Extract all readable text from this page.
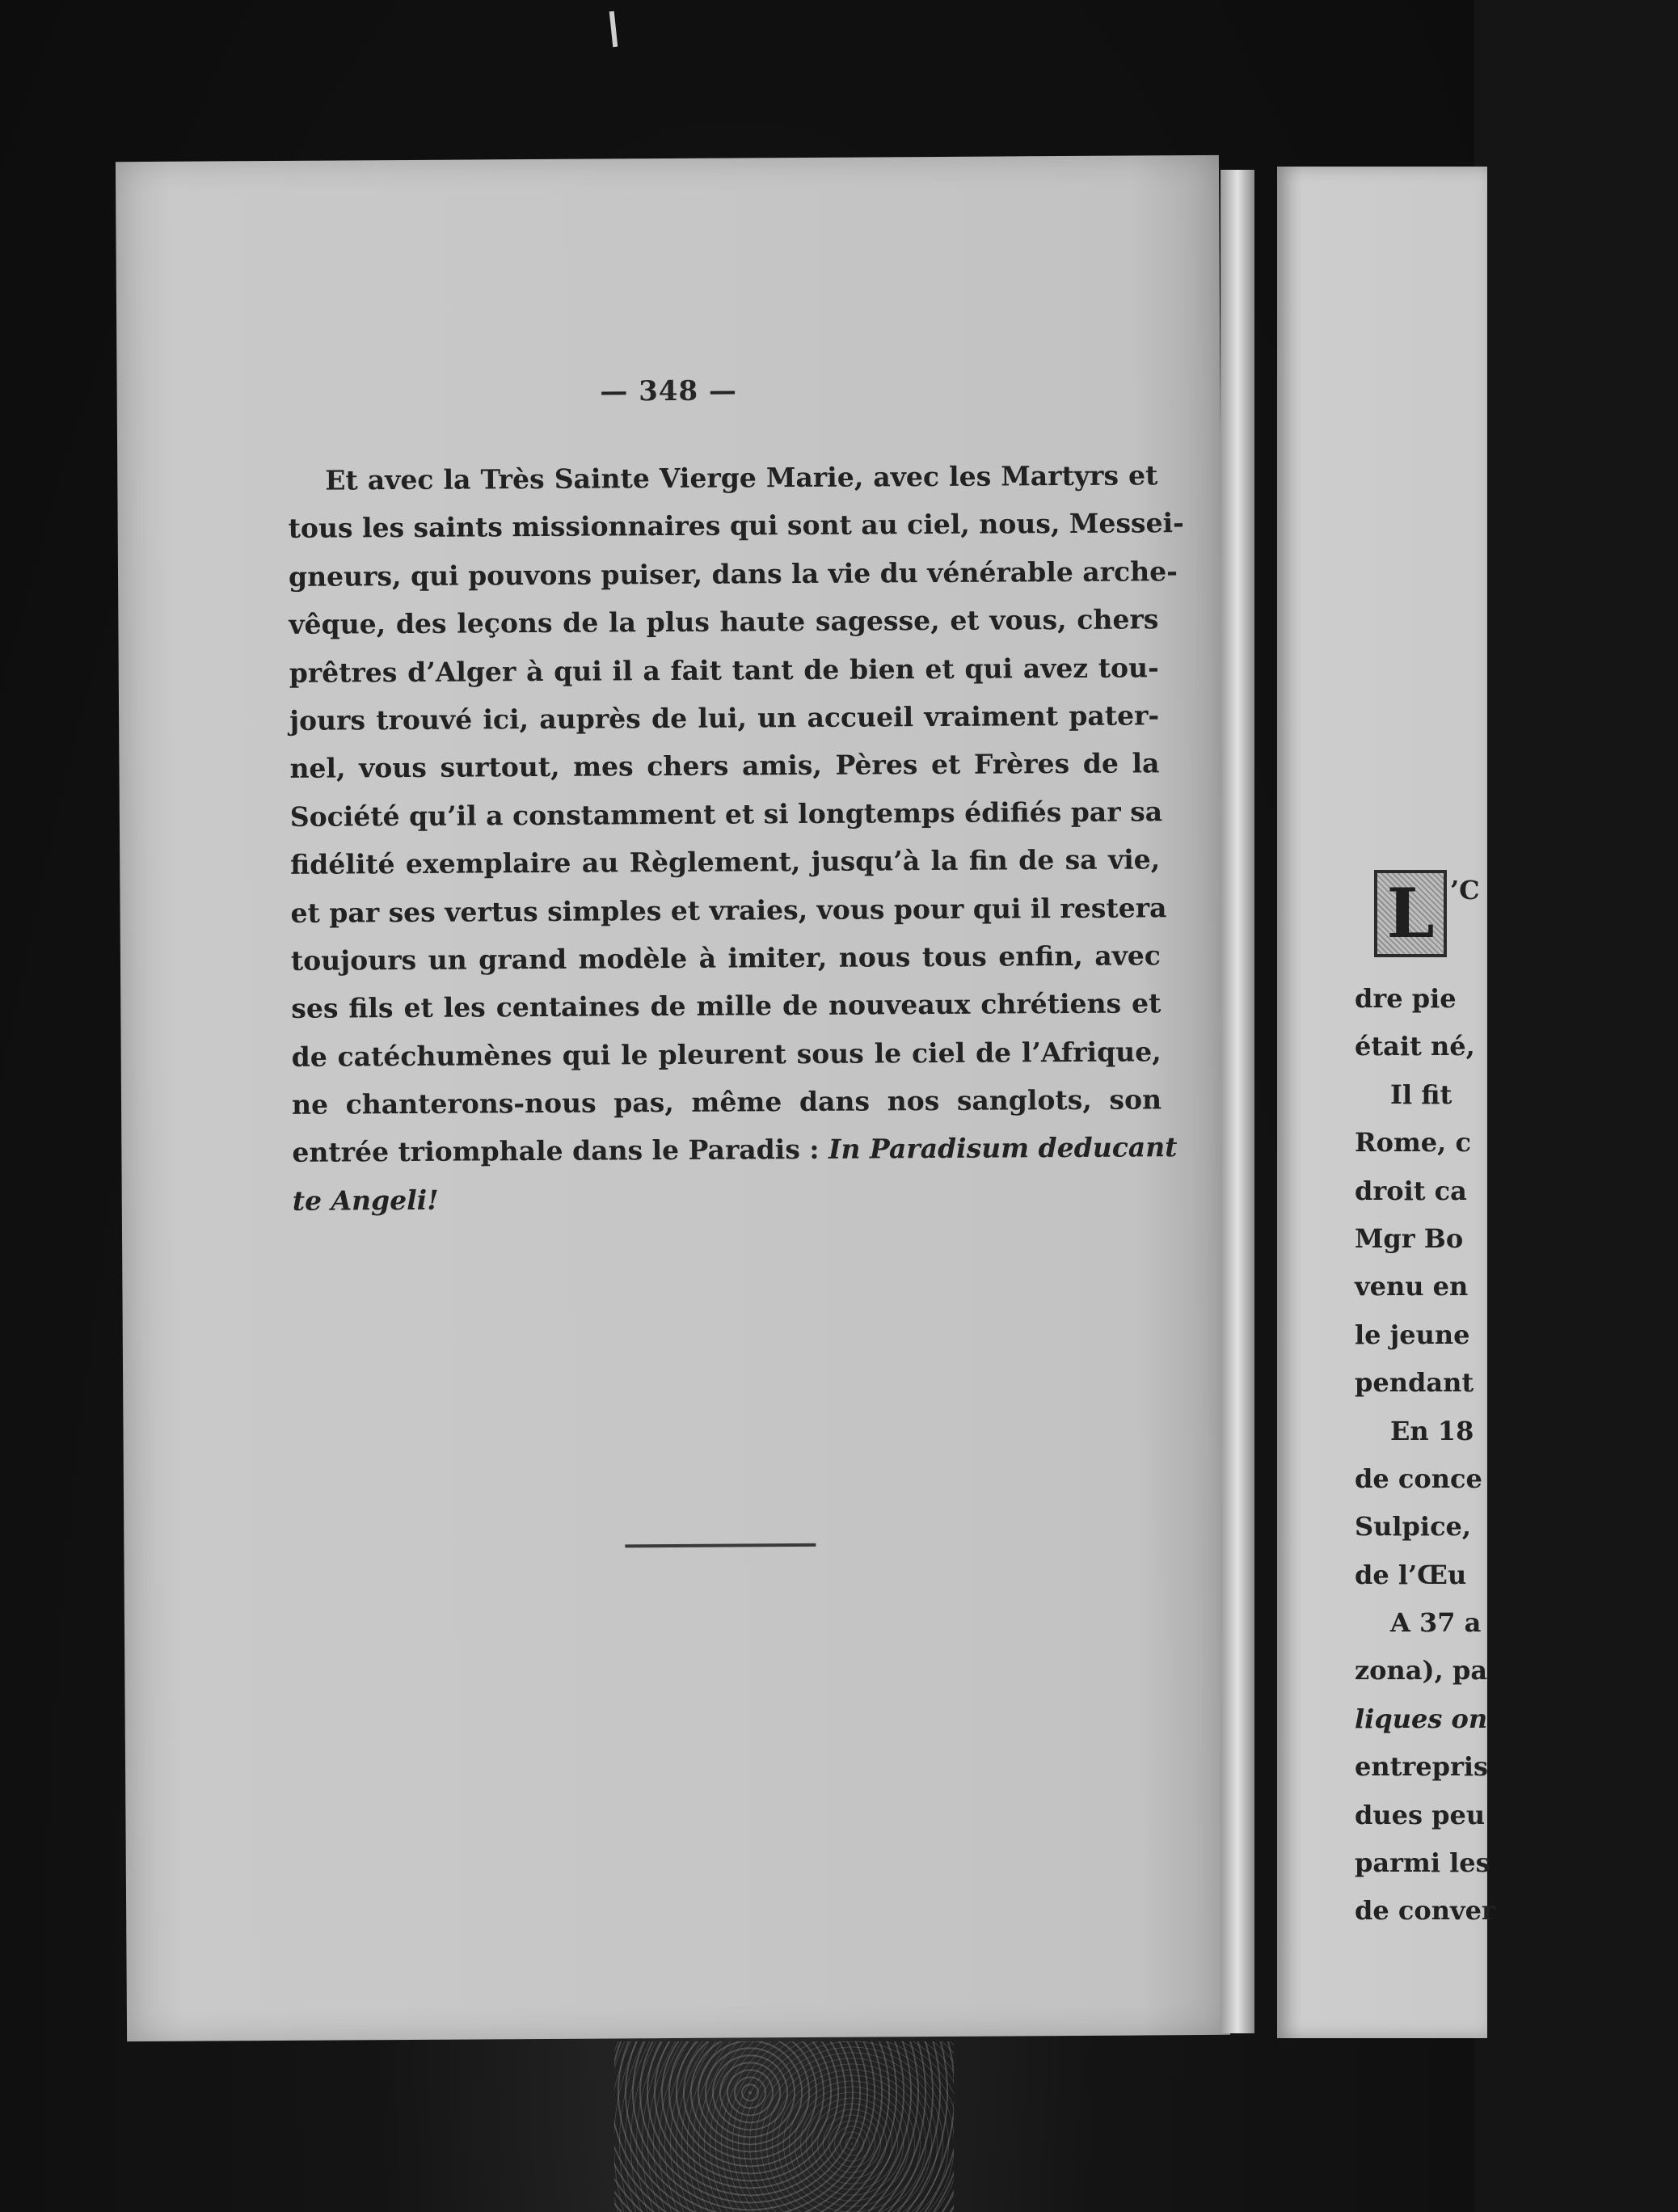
— 348 —
Et avec la Très Sainte Vierge Marie, avec les Martyrs et
tous les saints missionnaires qui sont au ciel, nous, Messei-
gneurs, qui pouvons puiser, dans la vie du vénérable arche-
vêque, des leçons de la plus haute sagesse, et vous, chers
prêtres d’Alger à qui il a fait tant de bien et qui avez tou-
jours trouvé ici, auprès de lui, un accueil vraiment pater-
nel, vous surtout, mes chers amis, Pères et Frères de la
Société qu’il a constamment et si longtemps édifiés par sa
fidélité exemplaire au Règlement, jusqu’à la fin de sa vie,
et par ses vertus simples et vraies, vous pour qui il restera
toujours un grand modèle à imiter, nous tous enfin, avec
ses fils et les centaines de mille de nouveaux chrétiens et
de catéchumènes qui le pleurent sous le ciel de l’Afrique,
ne chanterons-nous pas, même dans nos sanglots, son
entrée triomphale dans le Paradis : In Paradisum deducant
te Angeli!
L ’C
dre pie
était né,
Il fit
Rome, c
droit ca
Mgr Bo
venu en
le jeune
pendant
En 18
de conce
Sulpice,
de l’Œu
A 37 a
zona), pa
liques on
entrepris
dues peu
parmi les
de conver
